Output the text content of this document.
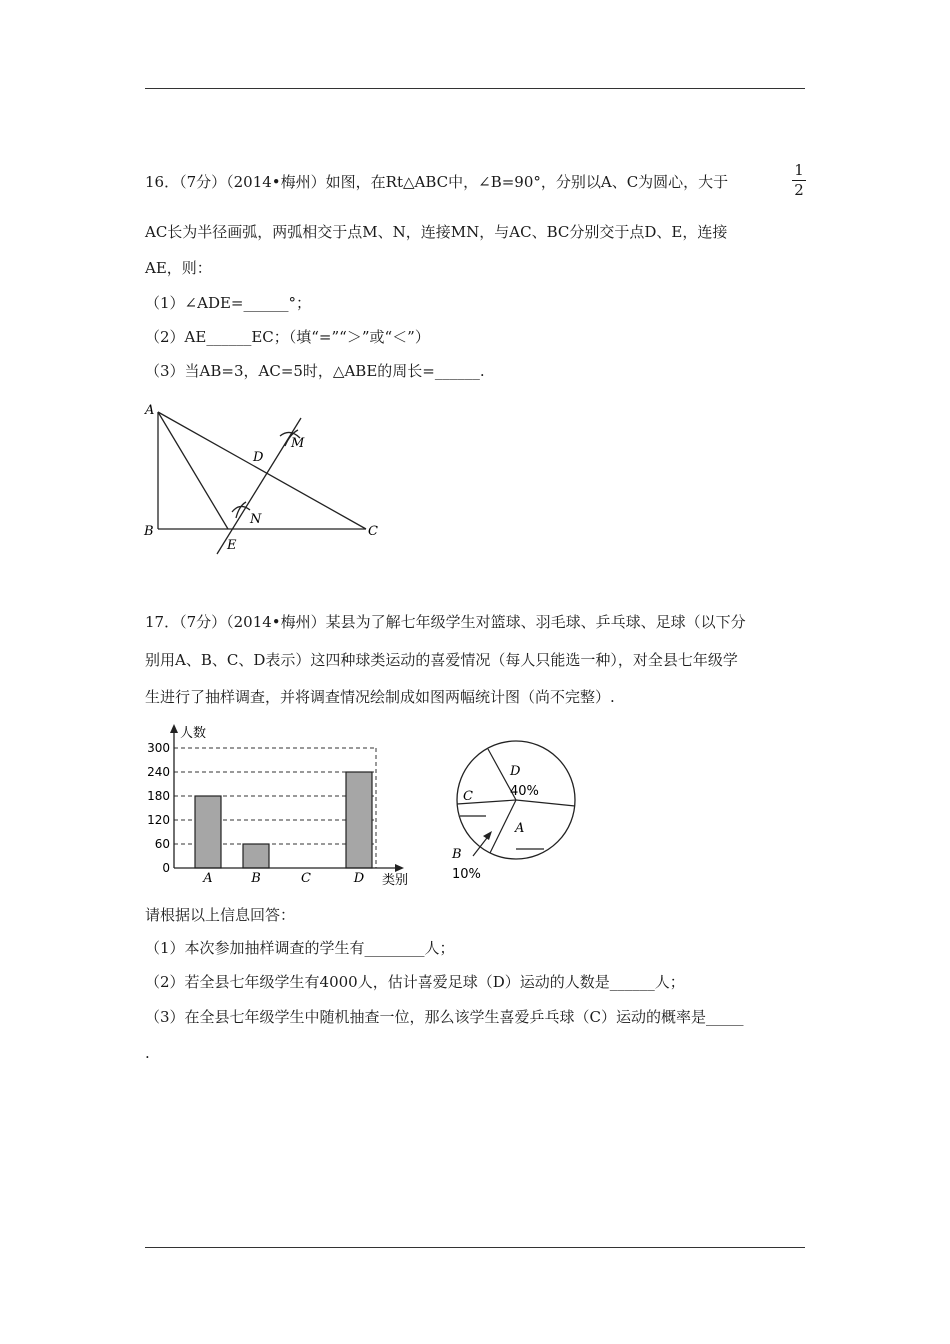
16．（7分）（2014•梅州）如图，在Rt△ABC中，∠B=90°，分别以A、C为圆心，大于
1
2
AC长为半径画弧，两弧相交于点M、N，连接MN，与AC、BC分别交于点D、E，连接
AE，则：
（1）∠ADE=______°；
（2）AE______EC；（填“=”“＞”或“＜”）
（3）当AB=3，AC=5时，△ABE的周长=______.
A
B	C
D
E
M
N
17．（7分）（2014•梅州）某县为了解七年级学生对篮球、羽毛球、乒乓球、足球（以下分
别用A、B、C、D表示）这四种球类运动的喜爱情况（每人只能选一种），对全县七年级学
生进行了抽样调查，并将调查情况绘制成如图两幅统计图（尚不完整）.
0
60
120
180
240
300
A	B	C	D
人数
类别
D
40%
C
A
B
10%
请根据以上信息回答：
（1）本次参加抽样调查的学生有________人；
（2）若全县七年级学生有4000人，估计喜爱足球（D）运动的人数是______人；
（3）在全县七年级学生中随机抽查一位，那么该学生喜爱乒乓球（C）运动的概率是_____
.
